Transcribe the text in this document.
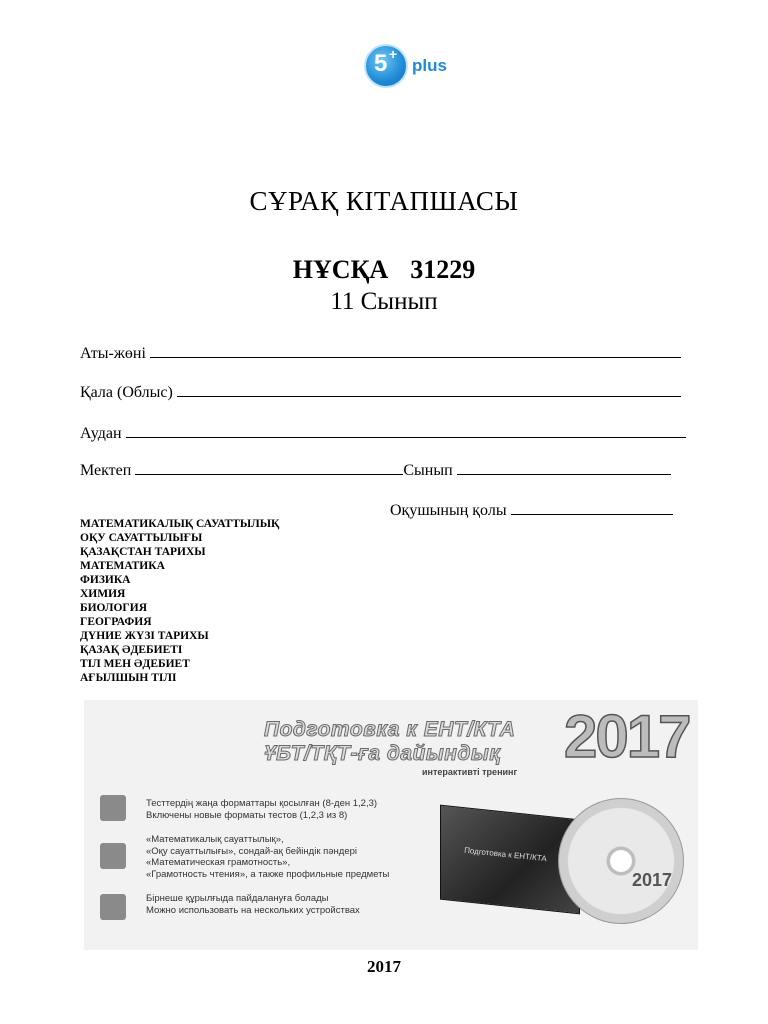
5 +
plus
СҰРАҚ КІТАПШАСЫ
НҰСҚА 31229
11 Сынып
Аты-жөні
Қала (Облыс)
Аудан
Мектеп	Сынып
Оқушының қолы
МАТЕМАТИКАЛЫҚ САУАТТЫЛЫҚ
ОҚУ САУАТТЫЛЫҒЫ
ҚАЗАҚСТАН ТАРИХЫ
МАТЕМАТИКА
ФИЗИКА
ХИМИЯ
БИОЛОГИЯ
ГЕОГРАФИЯ
ДҮНИЕ ЖҮЗІ ТАРИХЫ
ҚАЗАҚ ӘДЕБИЕТІ
ТІЛ МЕН ӘДЕБИЕТ
АҒЫЛШЫН ТІЛІ
Подготовка к ЕНТ/КТА
ҰБТ/ТҚТ-ға дайындық
интерактивті тренинг
2017
Тесттердің жаңа форматтары қосылған (8-ден 1,2,3)
Включены новые форматы тестов (1,2,3 из 8)
«Математикалық сауаттылық»,
«Оқу сауаттылығы», сондай-ақ бейіндік пәндері
«Математическая грамотность»,
«Грамотность чтения», а также профильные предметы
Бірнеше құрылғыда пайдалануға болады
Можно использовать на нескольких устройствах
Подготовка к ЕНТ/КТА
2017
2017
